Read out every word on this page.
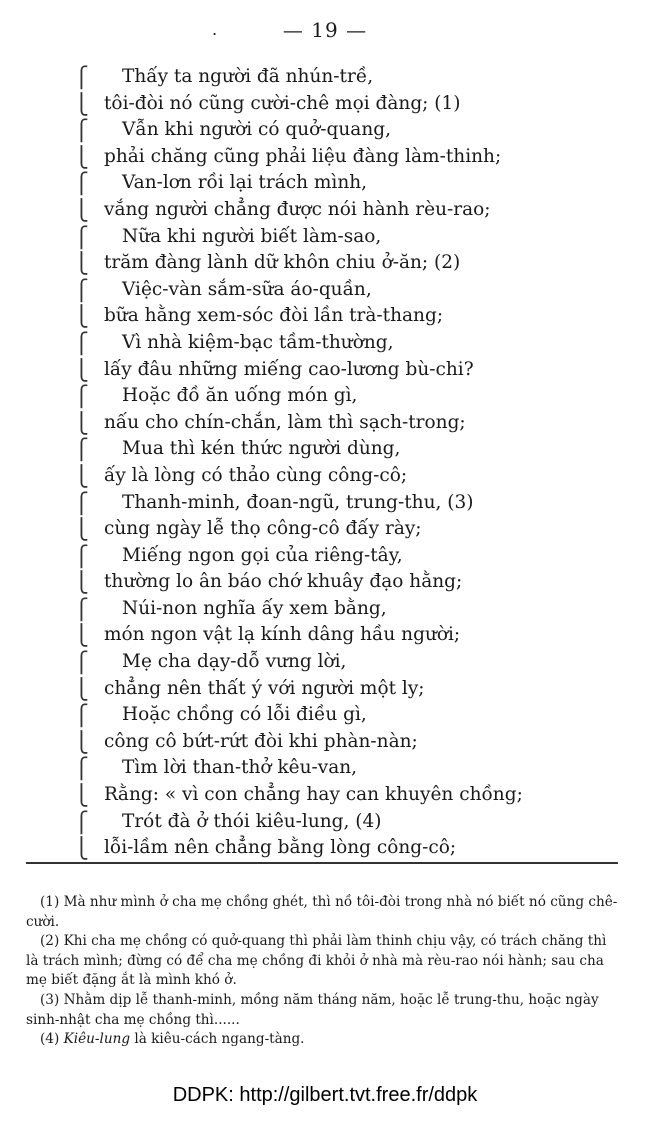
.	— 19 —
⎧ Thấy ta người đã nhún-trề,
⎩ tôi-đòi nó cũng cười-chê mọi đàng; (1)
⎧ Vẫn khi người có quở-quang,
⎩ phải chăng cũng phải liệu đàng làm-thinh;
⎧ Van-lơn rồi lại trách mình,
⎩ vắng người chẳng được nói hành rèu-rao;
⎧ Nữa khi người biết làm-sao,
⎩ trăm đàng lành dữ khôn chiu ở-ăn; (2)
⎧ Việc-vàn sắm-sữa áo-quần,
⎩ bữa hằng xem-sóc đòi lần trà-thang;
⎧ Vì nhà kiệm-bạc tầm-thường,
⎩ lấy đâu những miếng cao-lương bù-chi?
⎧ Hoặc đồ ăn uống món gì,
⎩ nấu cho chín-chắn, làm thì sạch-trong;
⎧ Mua thì kén thức người dùng,
⎩ ấy là lòng có thảo cùng công-cô;
⎧ Thanh-minh, đoan-ngũ, trung-thu, (3)
⎩ cùng ngày lễ thọ công-cô đấy rày;
⎧ Miếng ngon gọi của riêng-tây,
⎩ thường lo ân báo chớ khuây đạo hằng;
⎧ Núi-non nghĩa ấy xem bằng,
⎩ món ngon vật lạ kính dâng hầu người;
⎧ Mẹ cha dạy-dỗ vưng lời,
⎩ chẳng nên thất ý với người một ly;
⎧ Hoặc chồng có lỗi điều gì,
⎩ công cô bứt-rứt đòi khi phàn-nàn;
⎧ Tìm lời than-thở kêu-van,
⎩ Rằng: « vì con chẳng hay can khuyên chồng;
⎧ Trót đà ở thói kiêu-lung, (4)
⎩ lỗi-lầm nên chẳng bằng lòng công-cô;

(1) Mà như mình ở cha mẹ chồng ghét, thì nồ tôi-đòi trong nhà nó biết nó cũng chê-cười.

(2) Khi cha mẹ chồng có quở-quang thì phải làm thinh chịu vậy, có trách chăng thì là trách mình; đừng có để cha mẹ chồng đi khỏi ở nhà mà rèu-rao nói hành; sau cha mẹ biết đặng ắt là mình khó ở.

(3) Nhằm dịp lễ thanh-minh, mồng năm tháng năm, hoặc lễ trung-thu, hoặc ngày sinh-nhật cha mẹ chồng thì......

(4) Kiêu-lung là kiêu-cách ngang-tàng.

DDPK: http://gilbert.tvt.free.fr/ddpk
